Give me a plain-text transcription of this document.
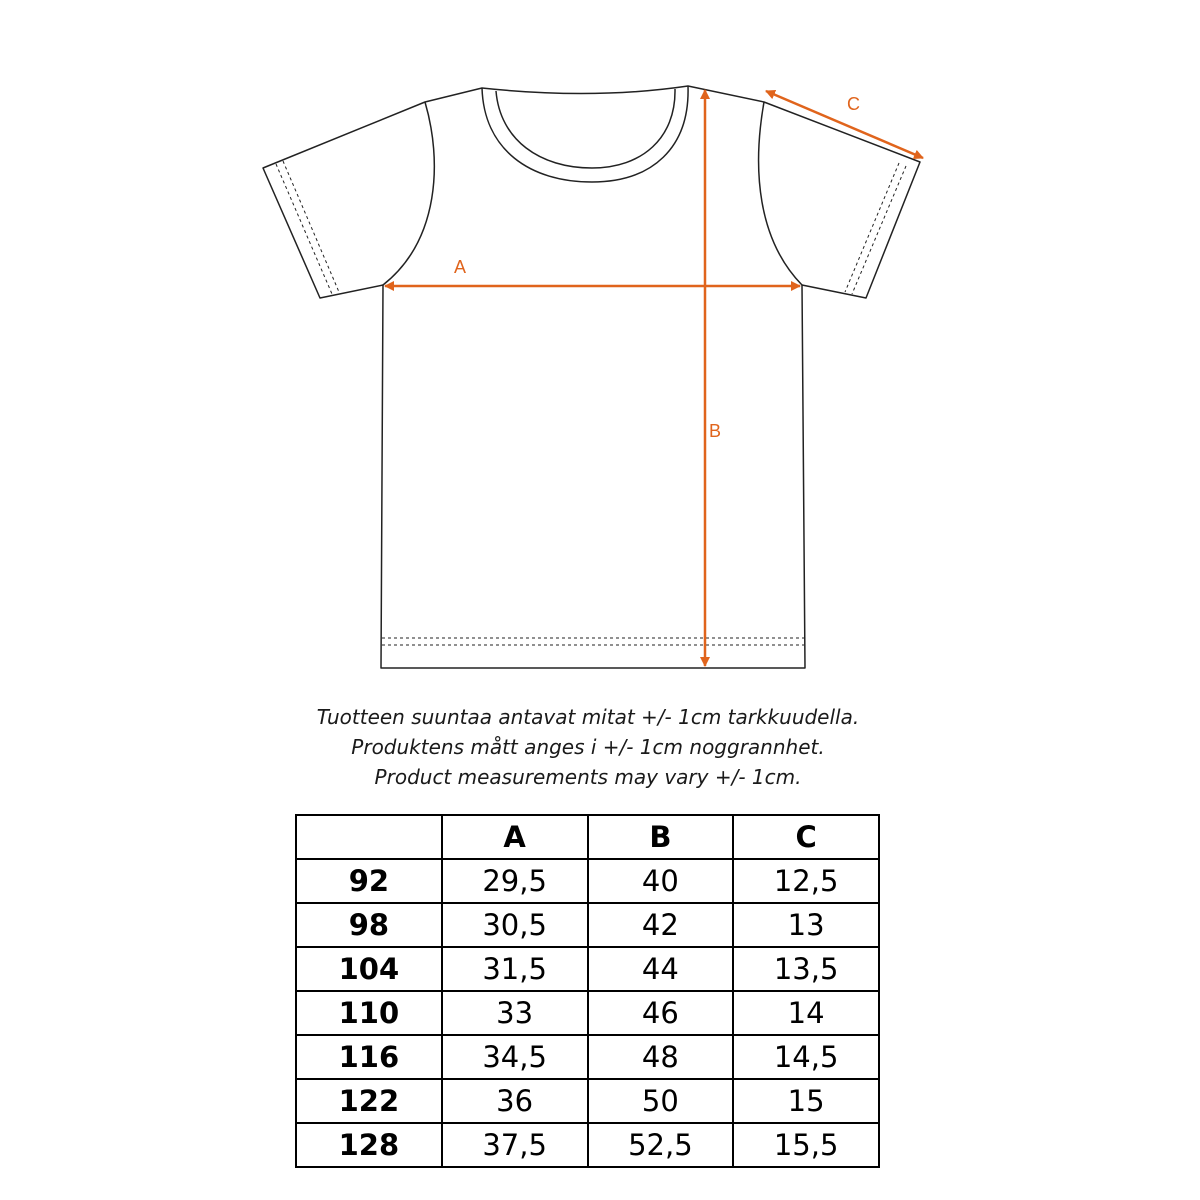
A
B
C
Tuotteen suuntaa antavat mitat +/- 1cm tarkkuudella.
Produktens mått anges i +/- 1cm noggrannhet.
Product measurements may vary +/- 1cm.
	A	B	C
92	29,5	40	12,5
98	30,5	42	13
104	31,5	44	13,5
110	33	46	14
116	34,5	48	14,5
122	36	50	15
128	37,5	52,5	15,5
